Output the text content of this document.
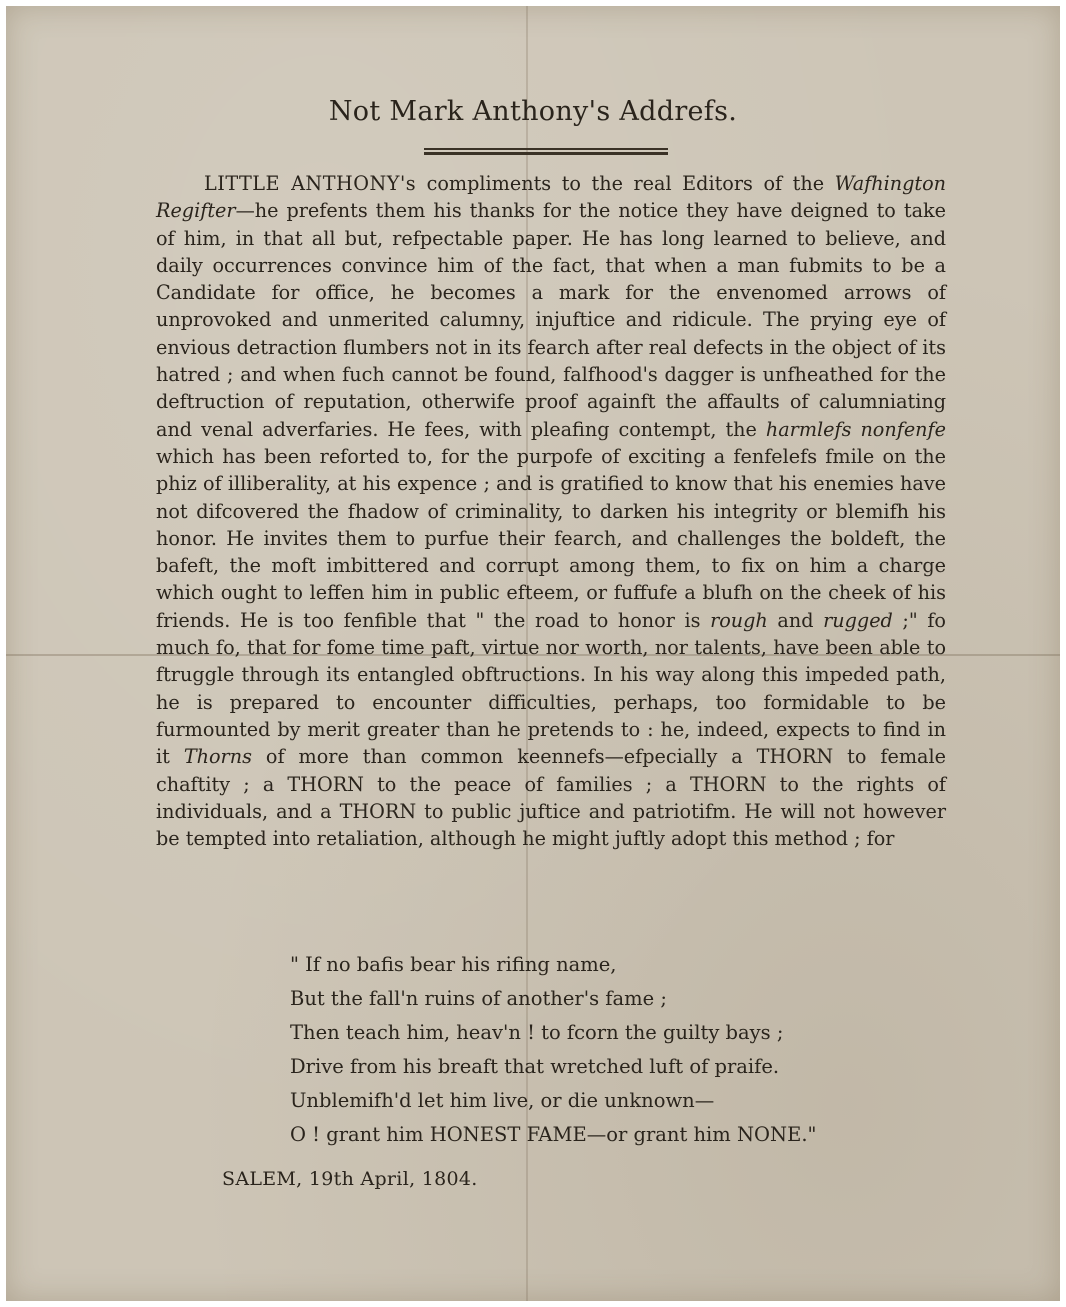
Not Mark Anthony's Addrefs.

LITTLE ANTHONY's compliments to the real Editors of the Wafhington Regifter—he prefents them his thanks for the notice they have deigned to take of him, in that all but, refpectable paper. He has long learned to believe, and daily occurrences convince him of the fact, that when a man fubmits to be a Candidate for office, he becomes a mark for the envenomed arrows of unprovoked and unmerited calumny, injuftice and ridicule. The prying eye of envious detraction flumbers not in its fearch after real defects in the object of its hatred ; and when fuch cannot be found, falfhood's dagger is unfheathed for the deftruction of reputation, otherwife proof againft the affaults of calumniating and venal adverfaries. He fees, with pleafing contempt, the harmlefs nonfenfe which has been reforted to, for the purpofe of exciting a fenfelefs fmile on the phiz of illiberality, at his expence ; and is gratified to know that his enemies have not difcovered the fhadow of criminality, to darken his integrity or blemifh his honor. He invites them to purfue their fearch, and challenges the boldeft, the bafeft, the moft imbittered and corrupt among them, to fix on him a charge which ought to leffen him in public efteem, or fuffufe a blufh on the cheek of his friends. He is too fenfible that " the road to honor is rough and rugged ;" fo much fo, that for fome time paft, virtue nor worth, nor talents, have been able to ftruggle through its entangled obftructions. In his way along this impeded path, he is prepared to encounter difficulties, perhaps, too formidable to be furmounted by merit greater than he pretends to : he, indeed, expects to find in it Thorns of more than common keennefs—efpecially a THORN to female chaftity ; a THORN to the peace of families ; a THORN to the rights of individuals, and a THORN to public juftice and patriotifm. He will not however be tempted into retaliation, although he might juftly adopt this method ; for

" If no bafis bear his rifing name,
But the fall'n ruins of another's fame ;
Then teach him, heav'n ! to fcorn the guilty bays ;
Drive from his breaft that wretched luft of praife.
Unblemifh'd let him live, or die unknown—
O ! grant him HONEST FAME—or grant him NONE."
SALEM, 19th April, 1804.
